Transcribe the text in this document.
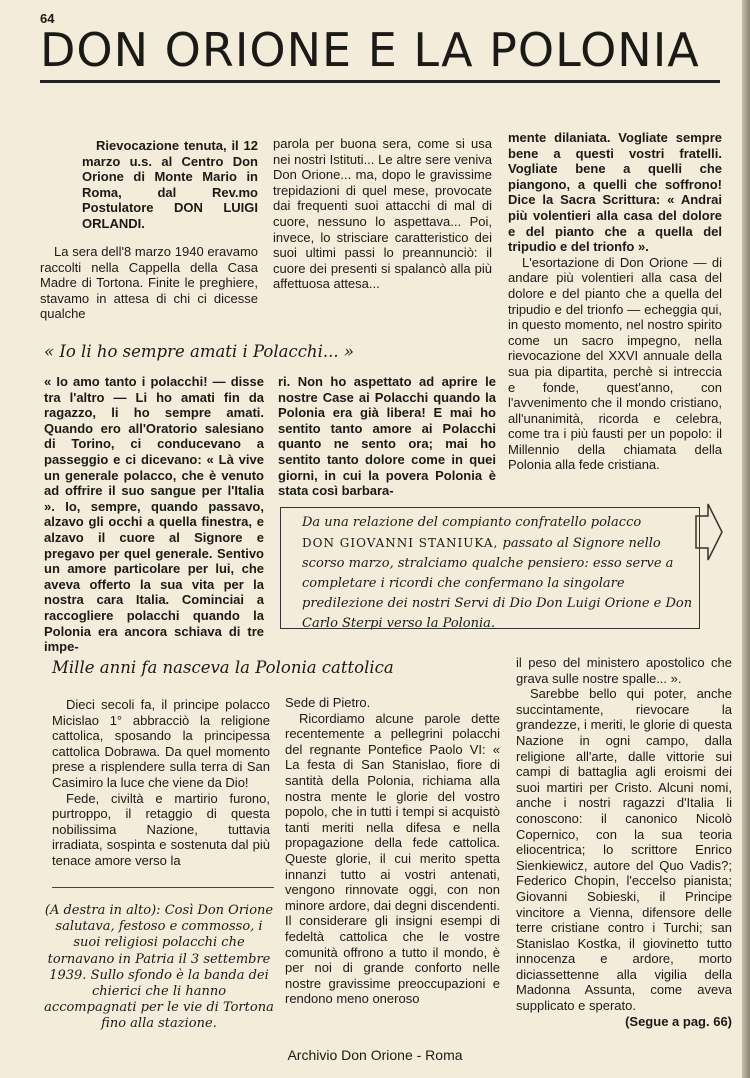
64
DON ORIONE E LA POLONIA

Rievocazione tenuta, il 12 marzo u.s. al Centro Don Orione di Monte Mario in Roma, dal Rev.mo Postulatore DON LUIGI ORLANDI.

La sera dell'8 marzo 1940 eravamo raccolti nella Cappella della Casa Madre di Tortona. Finite le preghiere, stavamo in attesa di chi ci dicesse qualche

parola per buona sera, come si usa nei nostri Istituti... Le altre sere veniva Don Orione... ma, dopo le gravissime trepidazioni di quel mese, provocate dai frequenti suoi attacchi di mal di cuore, nessuno lo aspettava... Poi, invece, lo strisciare caratteristico dei suoi ultimi passi lo preannunciò: il cuore dei presenti si spalancò alla più affettuosa attesa...

mente dilaniata. Vogliate sempre bene a questi vostri fratelli. Vogliate bene a quelli che piangono, a quelli che soffrono! Dice la Sacra Scrittura: « Andrai più volentieri alla casa del dolore e del pianto che a quella del tripudio e del trionfo ».

L'esortazione di Don Orione — di andare più volentieri alla casa del dolore e del pianto che a quella del tripudio e del trionfo — echeggia qui, in questo momento, nel nostro spirito come un sacro impegno, nella rievocazione del XXVI annuale della sua pia dipartita, perchè si intreccia e fonde, quest'anno, con l'avvenimento che il mondo cristiano, all'unanimità, ricorda e celebra, come tra i più fausti per un popolo: il Millennio della chiamata della Polonia alla fede cristiana.

« Io li ho sempre amati i Polacchi... »

« Io amo tanto i polacchi! — disse tra l'altro — Li ho amati fin da ragazzo, li ho sempre amati. Quando ero all'Oratorio salesiano di Torino, ci conducevano a passeggio e ci dicevano: « Là vive un generale polacco, che è venuto ad offrire il suo sangue per l'Italia ». Io, sempre, quando passavo, alzavo gli occhi a quella finestra, e alzavo il cuore al Signore e pregavo per quel generale. Sentivo un amore particolare per lui, che aveva offerto la sua vita per la nostra cara Italia. Cominciai a raccogliere polacchi quando la Polonia era ancora schiava di tre impe-

ri. Non ho aspettato ad aprire le nostre Case ai Polacchi quando la Polonia era già libera! E mai ho sentito tanto amore ai Polacchi quanto ne sento ora; mai ho sentito tanto dolore come in quei giorni, in cui la povera Polonia è stata così barbara-

Da una relazione del compianto confratello polacco
DON GIOVANNI STANIUKA, passato al Signore nello scorso marzo, stralciamo qualche pensiero: esso serve a completare i ricordi che confermano la singolare predilezione dei nostri Servi di Dio Don Luigi Orione e Don Carlo Sterpi verso la Polonia.
Mille anni fa nasceva la Polonia cattolica

Dieci secoli fa, il principe polacco Micislao 1° abbracciò la religione cattolica, sposando la principessa cattolica Dobrawa. Da quel momento prese a risplendere sulla terra di San Casimiro la luce che viene da Dio!

Fede, civiltà e martirio furono, purtroppo, il retaggio di questa nobilissima Nazione, tuttavia irradiata, sospinta e sostenuta dal più tenace amore verso la

(A destra in alto): Così Don Orione salutava, festoso e commosso, i suoi religiosi polacchi che tornavano in Patria il 3 settembre 1939. Sullo sfondo è la banda dei chierici che li hanno accompagnati per le vie di Tortona fino alla stazione.

Sede di Pietro.

Ricordiamo alcune parole dette recentemente a pellegrini polacchi del regnante Pontefice Paolo VI: « La festa di San Stanislao, fiore di santità della Polonia, richiama alla nostra mente le glorie del vostro popolo, che in tutti i tempi si acquistò tanti meriti nella difesa e nella propagazione della fede cattolica. Queste glorie, il cui merito spetta innanzi tutto ai vostri antenati, vengono rinnovate oggi, con non minore ardore, dai degni discendenti. Il considerare gli insigni esempi di fedeltà cattolica che le vostre comunità offrono a tutto il mondo, è per noi di grande conforto nelle nostre gravissime preoccupazioni e rendono meno oneroso

il peso del ministero apostolico che grava sulle nostre spalle... ».

Sarebbe bello qui poter, anche succintamente, rievocare la grandezze, i meriti, le glorie di questa Nazione in ogni campo, dalla religione all'arte, dalle vittorie sui campi di battaglia agli eroismi dei suoi martiri per Cristo. Alcuni nomi, anche i nostri ragazzi d'Italia li conoscono: il canonico Nicolò Copernico, con la sua teoria eliocentrica; lo scrittore Enrico Sienkiewicz, autore del Quo Vadis?; Federico Chopin, l'eccelso pianista; Giovanni Sobieski, il Principe vincitore a Vienna, difensore delle terre cristiane contro i Turchi; san Stanislao Kostka, il giovinetto tutto innocenza e ardore, morto diciassettenne alla vigilia della Madonna Assunta, come aveva supplicato e sperato.

(Segue a pag. 66)

Archivio Don Orione - Roma
